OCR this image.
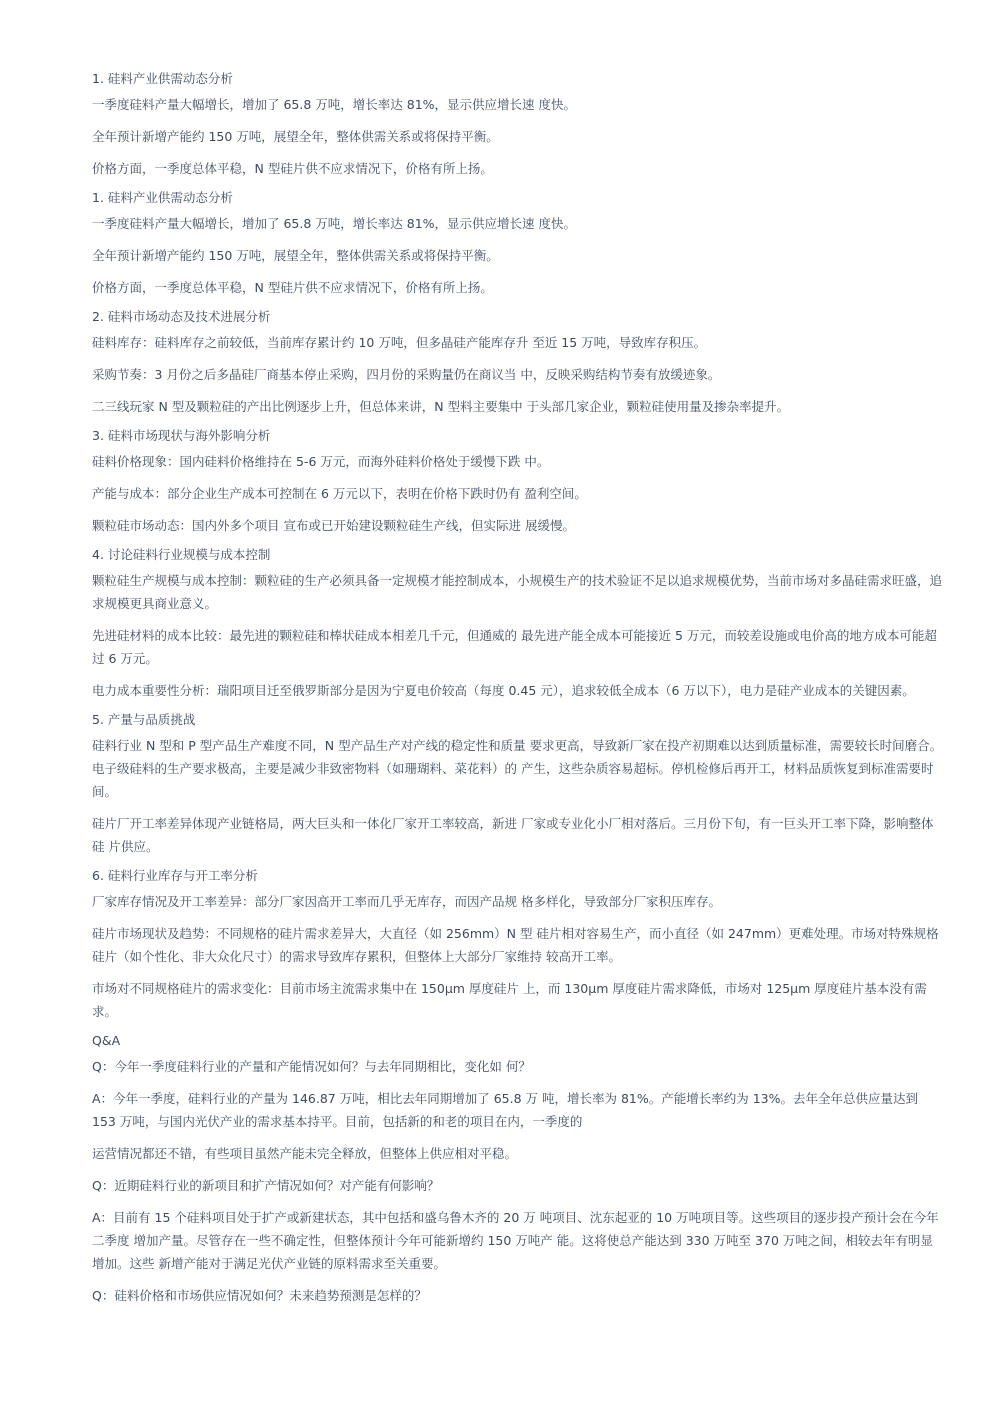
1. 硅料产业供需动态分析
一季度硅料产量大幅增长，增加了 65.8 万吨，增长率达 81%，显示供应增长速 度快。
全年预计新增产能约 150 万吨，展望全年，整体供需关系或将保持平衡。
价格方面，一季度总体平稳，N 型硅片供不应求情况下，价格有所上扬。
1. 硅料产业供需动态分析
一季度硅料产量大幅增长，增加了 65.8 万吨，增长率达 81%，显示供应增长速 度快。
全年预计新增产能约 150 万吨，展望全年，整体供需关系或将保持平衡。
价格方面，一季度总体平稳，N 型硅片供不应求情况下，价格有所上扬。
2. 硅料市场动态及技术进展分析
硅料库存：硅料库存之前较低，当前库存累计约 10 万吨，但多晶硅产能库存升 至近 15 万吨，导致库存积压。
采购节奏：3 月份之后多晶硅厂商基本停止采购，四月份的采购量仍在商议当 中，反映采购结构节奏有放缓迹象。
二三线玩家 N 型及颗粒硅的产出比例逐步上升，但总体来讲，N 型料主要集中 于头部几家企业，颗粒硅使用量及掺杂率提升。
3. 硅料市场现状与海外影响分析
硅料价格现象：国内硅料价格维持在 5-6 万元，而海外硅料价格处于缓慢下跌 中。
产能与成本：部分企业生产成本可控制在 6 万元以下，表明在价格下跌时仍有 盈利空间。
颗粒硅市场动态：国内外多个项目 宣布或已开始建设颗粒硅生产线，但实际进 展缓慢。
4. 讨论硅料行业规模与成本控制
颗粒硅生产规模与成本控制：颗粒硅的生产必须具备一定规模才能控制成本，小规模生产的技术验证不足以追求规模优势，当前市场对多晶硅需求旺盛，追 求规模更具商业意义。
先进硅材料的成本比较：最先进的颗粒硅和棒状硅成本相差几千元，但通威的 最先进产能全成本可能接近 5 万元，而较差设施或电价高的地方成本可能超过 6 万元。
电力成本重要性分析：瑞阳项目迁至俄罗斯部分是因为宁夏电价较高（每度 0.45 元），追求较低全成本（6 万以下），电力是硅产业成本的关键因素。
5. 产量与品质挑战
硅料行业 N 型和 P 型产品生产难度不同，N 型产品生产对产线的稳定性和质量 要求更高，导致新厂家在投产初期难以达到质量标准，需要较长时间磨合。电子级硅料的生产要求极高，主要是减少非致密物料（如珊瑚料、菜花料）的 产生，这些杂质容易超标。停机检修后再开工，材料品质恢复到标准需要时 间。
硅片厂开工率差异体现产业链格局，两大巨头和一体化厂家开工率较高，新进 厂家或专业化小厂相对落后。三月份下旬，有一巨头开工率下降，影响整体硅 片供应。
6. 硅料行业库存与开工率分析
厂家库存情况及开工率差异：部分厂家因高开工率而几乎无库存，而因产品规 格多样化，导致部分厂家积压库存。
硅片市场现状及趋势：不同规格的硅片需求差异大，大直径（如 256mm）N 型 硅片相对容易生产，而小直径（如 247mm）更难处理。市场对特殊规格硅片（如个性化、非大众化尺寸）的需求导致库存累积，但整体上大部分厂家维持 较高开工率。
市场对不同规格硅片的需求变化：目前市场主流需求集中在 150μm 厚度硅片 上，而 130μm 厚度硅片需求降低，市场对 125μm 厚度硅片基本没有需求。
Q&A
Q：今年一季度硅料行业的产量和产能情况如何？与去年同期相比，变化如 何？
A：今年一季度，硅料行业的产量为 146.87 万吨，相比去年同期增加了 65.8 万 吨，增长率为 81%。产能增长率约为 13%。去年全年总供应量达到 153 万吨，与国内光伏产业的需求基本持平。目前，包括新的和老的项目在内，一季度的
运营情况都还不错，有些项目虽然产能未完全释放，但整体上供应相对平稳。
Q：近期硅料行业的新项目和扩产情况如何？对产能有何影响？
A：目前有 15 个硅料项目处于扩产或新建状态，其中包括和盛乌鲁木齐的 20 万 吨项目、沈东起亚的 10 万吨项目等。这些项目的逐步投产预计会在今年二季度 增加产量。尽管存在一些不确定性，但整体预计今年可能新增约 150 万吨产 能。这将使总产能达到 330 万吨至 370 万吨之间，相较去年有明显增加。这些 新增产能对于满足光伏产业链的原料需求至关重要。
Q：硅料价格和市场供应情况如何？未来趋势预测是怎样的？
